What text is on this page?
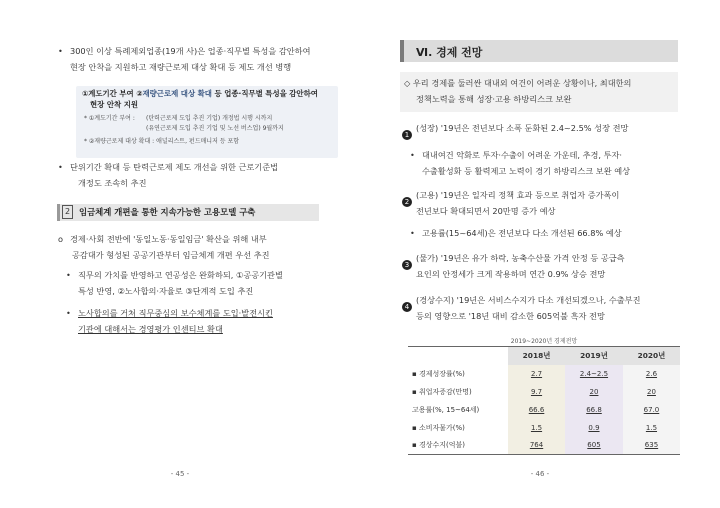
• 300인 이상 특례제외업종(19개 사)은 업종·직무별 특성을 감안하여
현장 안착을 지원하고 재량근로제 대상 확대 등 제도 개선 병행
①계도기간 부여 ②재량근로제 대상 확대 등 업종·직무별 특성을 감안하여
현장 안착 지원
* ①계도기간 부여 : (탄력근로제 도입 추진 기업) 개정법 시행 시까지
(유연근로제 도입 추진 기업 및 노선 버스업) 9월까지
* ②재량근로제 대상 확대 : 애널리스트, 펀드매니저 등 포함
• 단위기간 확대 등 탄력근로제 제도 개선을 위한 근로기준법
개정도 조속히 추진
2	임금체계 개편을 통한 지속가능한 고용모델 구축
o 경제·사회 전반에 '동일노동·동일임금' 확산을 위해 내부
공감대가 형성된 공공기관부터 임금체계 개편 우선 추진
• 직무의 가치를 반영하고 연공성은 완화하되, ①공공기관별
특성 반영, ②노사합의·자율로 ③단계적 도입 추진
• 노사합의를 거쳐 직무중심의 보수체계를 도입·발전시킨
기관에 대해서는 경영평가 인센티브 확대
- 45 -
Ⅵ. 경제 전망
◇ 우리 경제를 둘러싼 대내외 여건이 어려운 상황이나, 최대한의
정책노력을 통해 성장·고용 하방리스크 보완
1
(성장) '19년은 전년보다 소폭 둔화된 2.4~2.5% 성장 전망
• 대내여건 악화로 투자·수출이 어려운 가운데, 추경, 투자·
수출활성화 등 활력제고 노력이 경기 하방리스크 보완 예상
2
(고용) '19년은 일자리 정책 효과 등으로 취업자 증가폭이
전년보다 확대되면서 20만명 증가 예상
• 고용률(15~64세)은 전년보다 다소 개선된 66.8% 예상
3
(물가) '19년은 유가 하락, 농축수산물 가격 안정 등 공급측
요인의 안정세가 크게 작용하며 연간 0.9% 상승 전망
4
(경상수지) '19년은 서비스수지가 다소 개선되겠으나, 수출부진
등의 영향으로 '18년 대비 감소한 605억불 흑자 전망
2019~2020년 경제전망
	2018년	2019년	2020년
▪ 경제성장률(%)	2.7	2.4~2.5	2.6
▪ 취업자증감(만명)	9.7	20	20
고용률(%, 15~64세)	66.6	66.8	67.0
▪ 소비자물가(%)	1.5	0.9	1.5
▪ 경상수지(억불)	764	605	635
- 46 -
